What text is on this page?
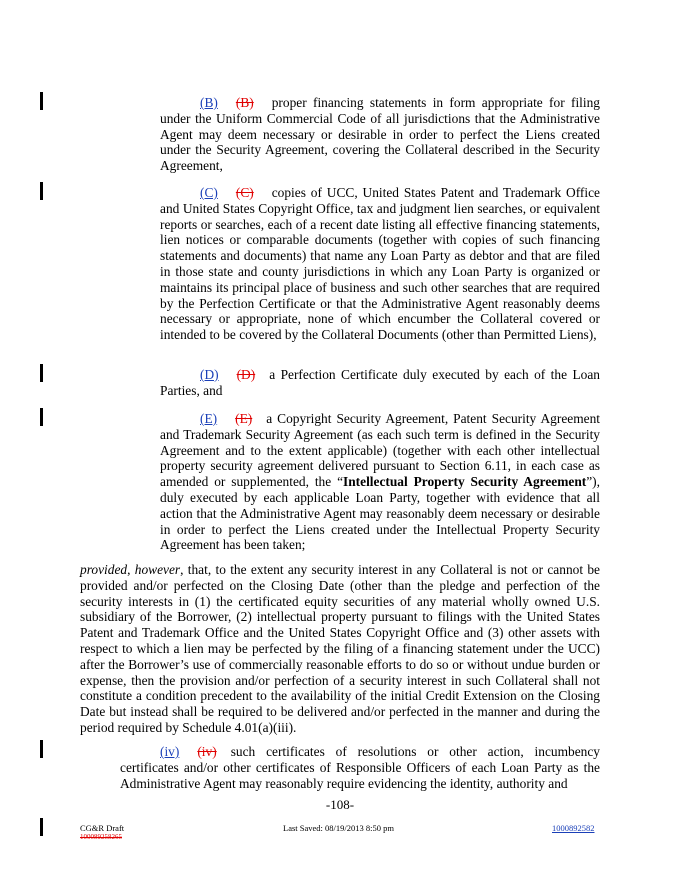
(B) (B) proper financing statements in form appropriate for filing under the Uniform Commercial Code of all jurisdictions that the Administrative Agent may deem necessary or desirable in order to perfect the Liens created under the Security Agreement, covering the Collateral described in the Security Agreement,
(C) (C) copies of UCC, United States Patent and Trademark Office and United States Copyright Office, tax and judgment lien searches, or equivalent reports or searches, each of a recent date listing all effective financing statements, lien notices or comparable documents (together with copies of such financing statements and documents) that name any Loan Party as debtor and that are filed in those state and county jurisdictions in which any Loan Party is organized or maintains its principal place of business and such other searches that are required by the Perfection Certificate or that the Administrative Agent reasonably deems necessary or appropriate, none of which encumber the Collateral covered or intended to be covered by the Collateral Documents (other than Permitted Liens),
(D) (D) a Perfection Certificate duly executed by each of the Loan Parties, and
(E) (E) a Copyright Security Agreement, Patent Security Agreement and Trademark Security Agreement (as each such term is defined in the Security Agreement and to the extent applicable) (together with each other intellectual property security agreement delivered pursuant to Section 6.11, in each case as amended or supplemented, the “Intellectual Property Security Agreement”), duly executed by each applicable Loan Party, together with evidence that all action that the Administrative Agent may reasonably deem necessary or desirable in order to perfect the Liens created under the Intellectual Property Security Agreement has been taken;
provided, however, that, to the extent any security interest in any Collateral is not or cannot be provided and/or perfected on the Closing Date (other than the pledge and perfection of the security interests in (1) the certificated equity securities of any material wholly owned U.S. subsidiary of the Borrower, (2) intellectual property pursuant to filings with the United States Patent and Trademark Office and the United States Copyright Office and (3) other assets with respect to which a lien may be perfected by the filing of a financing statement under the UCC) after the Borrower’s use of commercially reasonable efforts to do so or without undue burden or expense, then the provision and/or perfection of a security interest in such Collateral shall not constitute a condition precedent to the availability of the initial Credit Extension on the Closing Date but instead shall be required to be delivered and/or perfected in the manner and during the period required by Schedule 4.01(a)(iii).
(iv) (iv) such certificates of resolutions or other action, incumbency certificates and/or other certificates of Responsible Officers of each Loan Party as the Administrative Agent may reasonably require evidencing the identity, authority and
-108-
CG&R Draft
100089258265
Last Saved: 08/19/2013 8:50 pm	1000892582
